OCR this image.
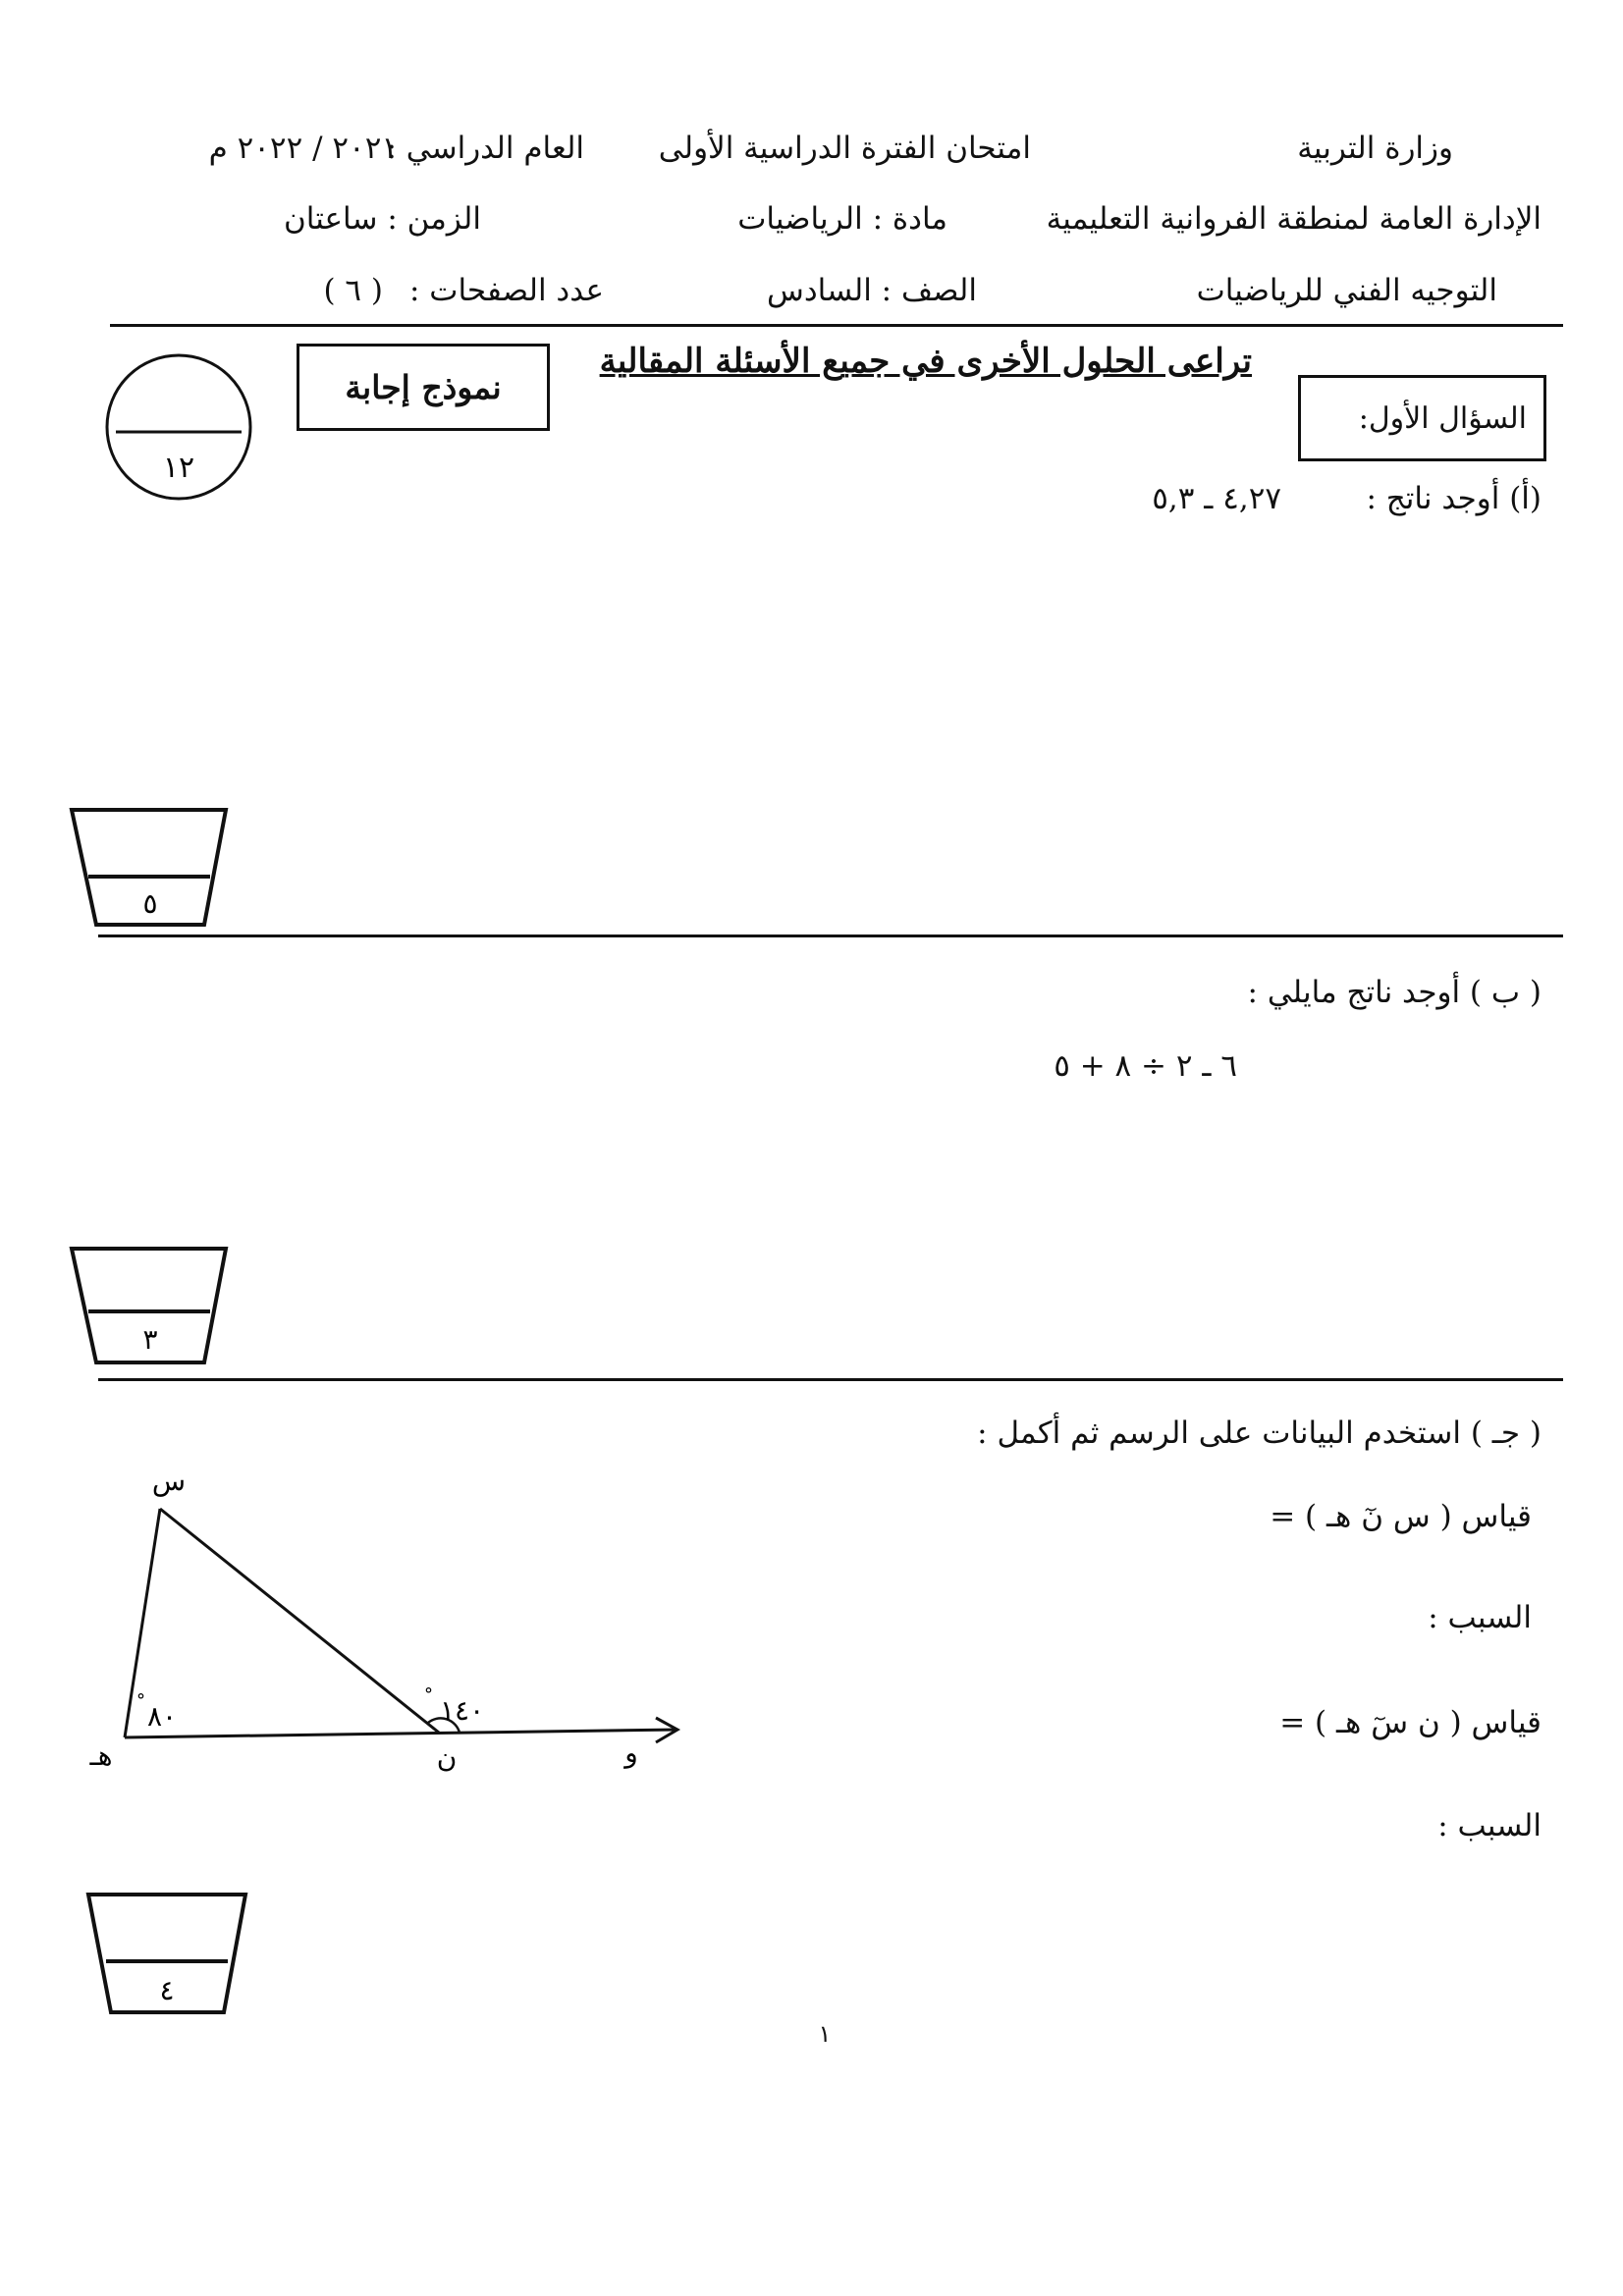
وزارة التربية
امتحان الفترة الدراسية الأولى
العام الدراسي :
٢٠٢١ / ٢٠٢٢ م
الإدارة العامة لمنطقة الفروانية التعليمية
مادة : الرياضيات
الزمن : ساعتان
التوجيه الفني للرياضيات
الصف : السادس
عدد الصفحات :
( ٦ )
تراعى الحلول الأخرى في جميع الأسئلة المقالية
نموذج إجابة
السؤال الأول:
(أ) أوجد ناتج :
٤,٢٧ ـ ٥,٣
( ب ) أوجد ناتج مايلي :
٦ ـ ٢ ÷ ٨ + ٥
( جـ ) استخدم البيانات على الرسم ثم أكمل :
قياس ( س نٓ هـ ) =
السبب :
قياس ( ن سٓ هـ ) =
السبب :
١٢
٥
٣
٤
س
هـ	ن	و
٨٠
°	١٤٠
°
١
